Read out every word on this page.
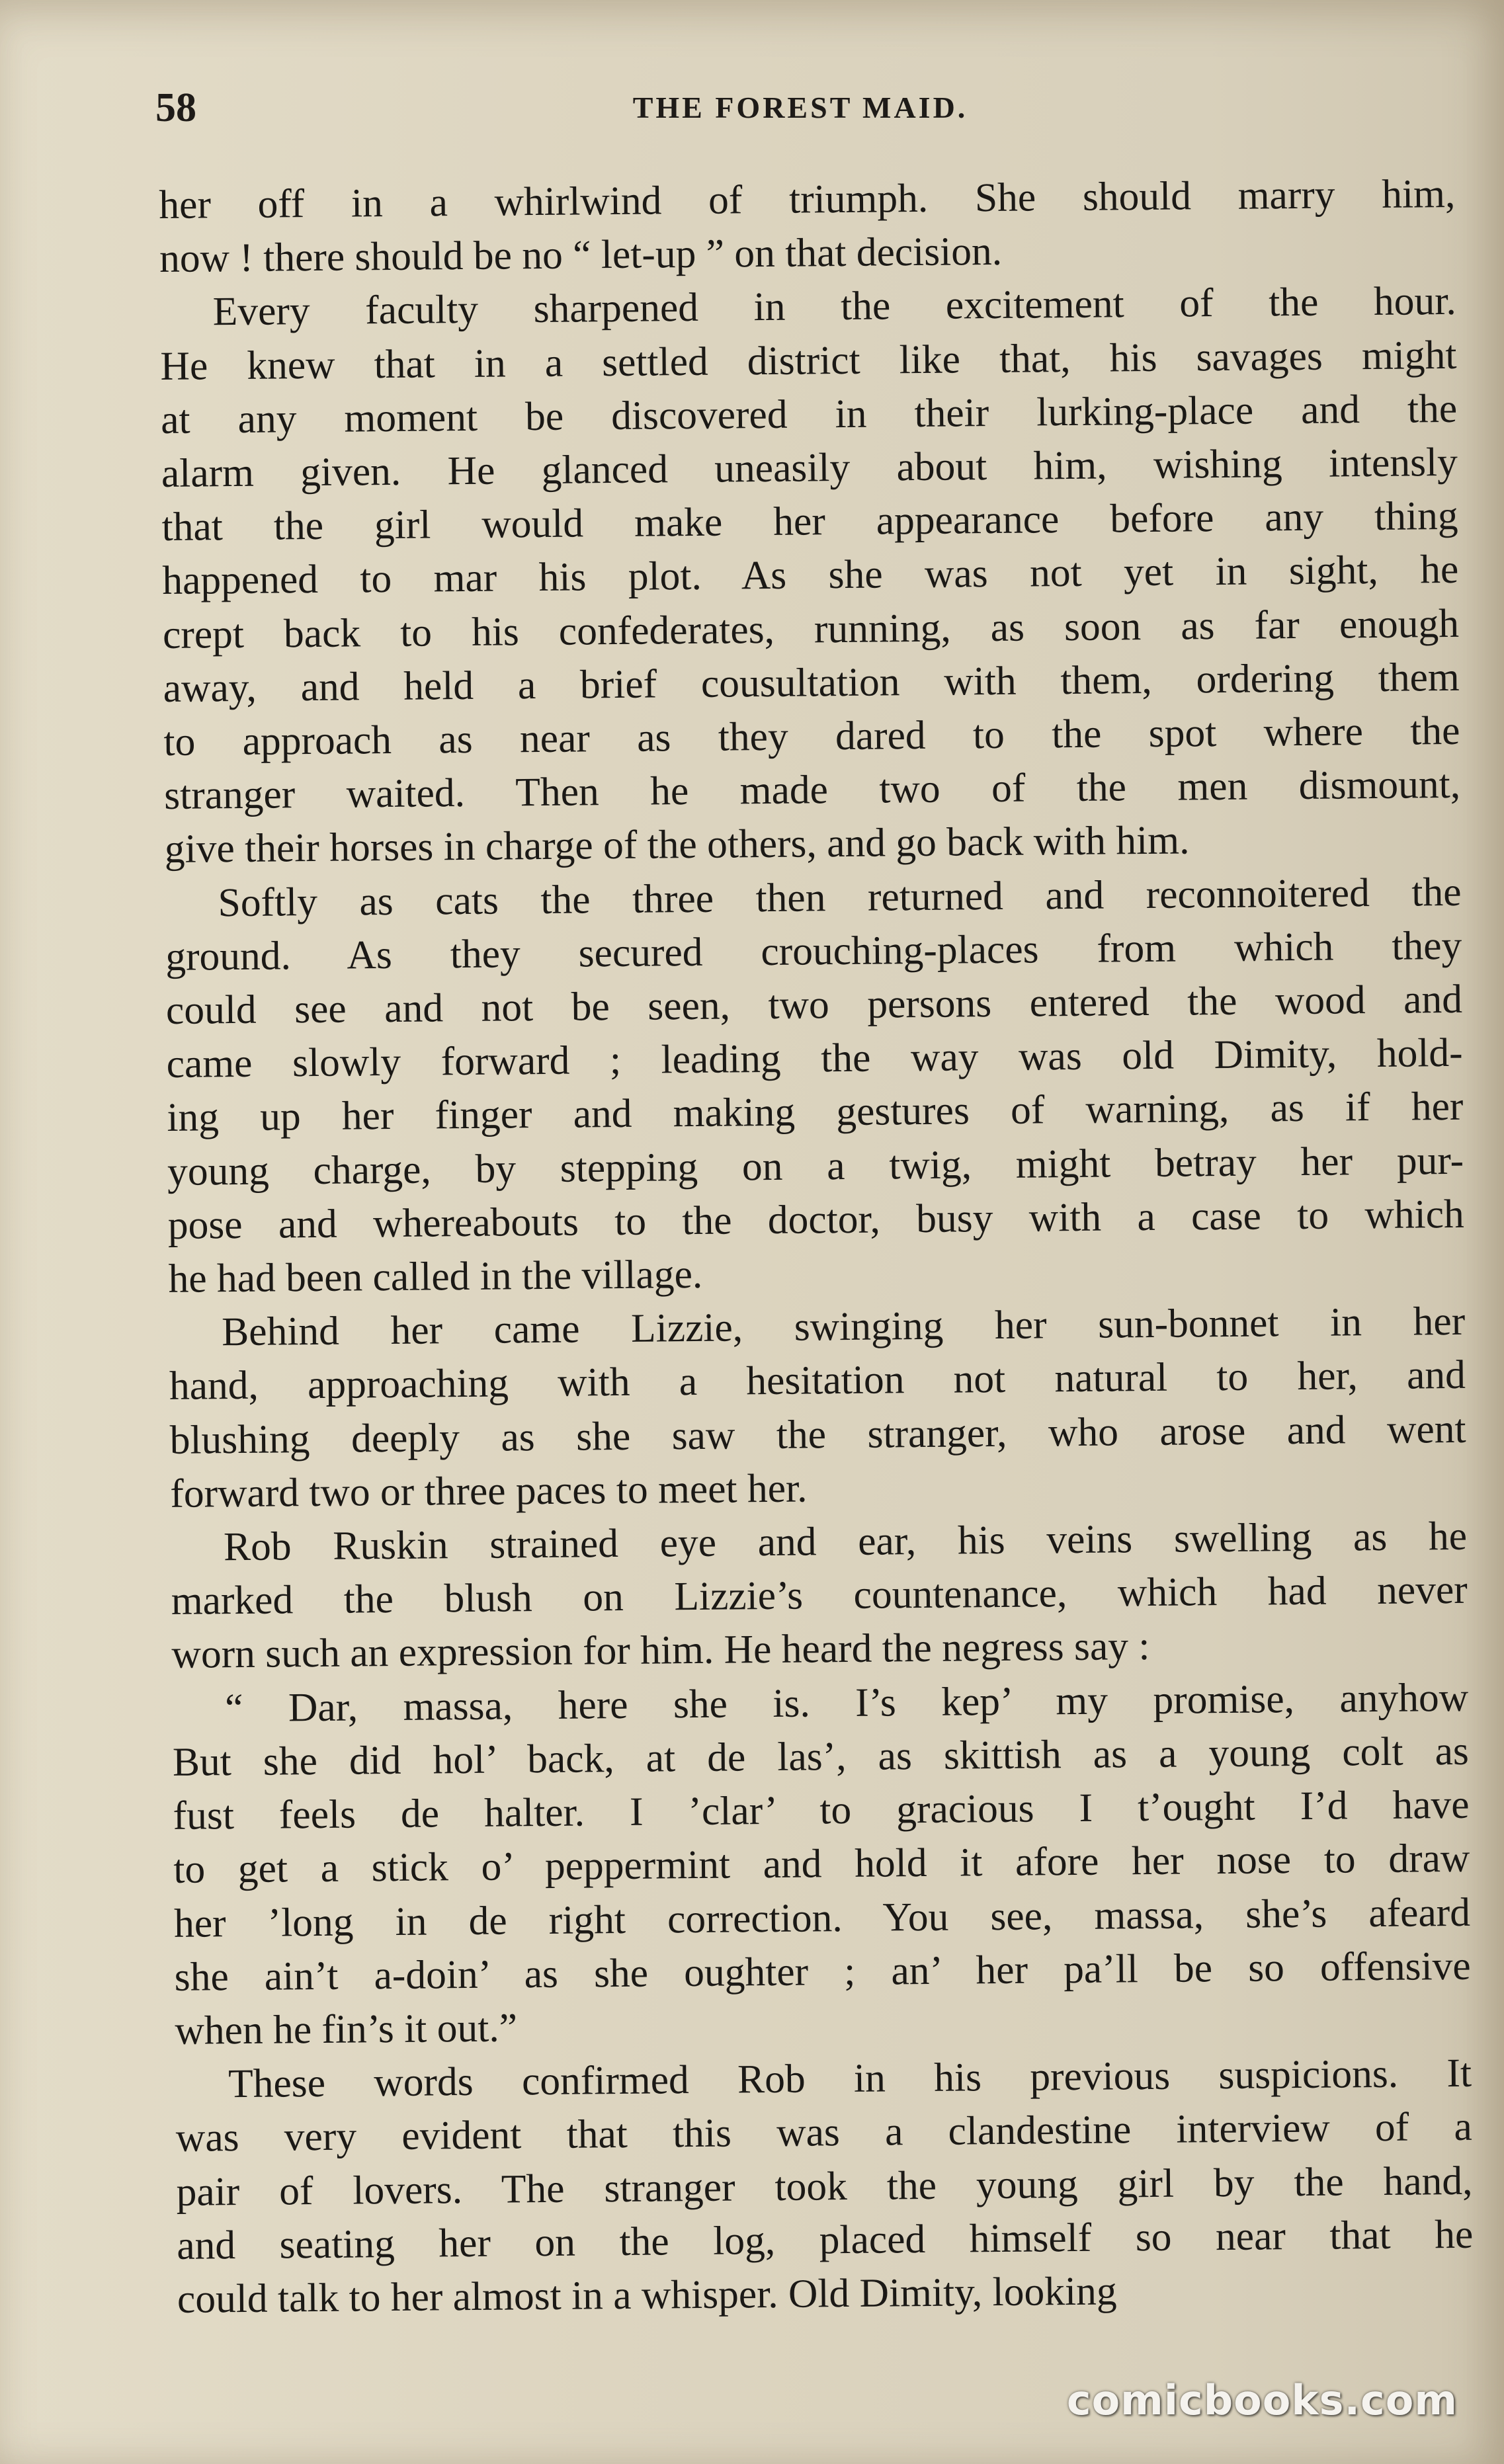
58	THE FOREST MAID.

her off in a whirlwind of triumph. She should marry him,
now ! there should be no “ let-up ” on that decision.

Every faculty sharpened in the excitement of the hour.
He knew that in a settled district like that, his savages might
at any moment be discovered in their lurking-place and the
alarm given. He glanced uneasily about him, wishing intensly
that the girl would make her appearance before any thing
happened to mar his plot. As she was not yet in sight, he
crept back to his confederates, running, as soon as far enough
away, and held a brief cousultation with them, ordering them
to approach as near as they dared to the spot where the
stranger waited. Then he made two of the men dismount,
give their horses in charge of the others, and go back with him.

Softly as cats the three then returned and reconnoitered the
ground. As they secured crouching-places from which they
could see and not be seen, two persons entered the wood and
came slowly forward ; leading the way was old Dimity, hold-
ing up her finger and making gestures of warning, as if her
young charge, by stepping on a twig, might betray her pur-
pose and whereabouts to the doctor, busy with a case to which
he had been called in the village.

Behind her came Lizzie, swinging her sun-bonnet in her
hand, approaching with a hesitation not natural to her, and
blushing deeply as she saw the stranger, who arose and went
forward two or three paces to meet her.

Rob Ruskin strained eye and ear, his veins swelling as he
marked the blush on Lizzie’s countenance, which had never
worn such an expression for him. He heard the negress say :

“ Dar, massa, here she is. I’s kep’ my promise, anyhow
But she did hol’ back, at de las’, as skittish as a young colt as
fust feels de halter. I ’clar’ to gracious I t’ought I’d have
to get a stick o’ peppermint and hold it afore her nose to draw
her ’long in de right correction. You see, massa, she’s afeard
she ain’t a-doin’ as she oughter ; an’ her pa’ll be so offensive
when he fin’s it out.”

These words confirmed Rob in his previous suspicions. It
was very evident that this was a clandestine interview of a
pair of lovers. The stranger took the young girl by the hand,
and seating her on the log, placed himself so near that he
could talk to her almost in a whisper. Old Dimity, looking

comicbooks.com
